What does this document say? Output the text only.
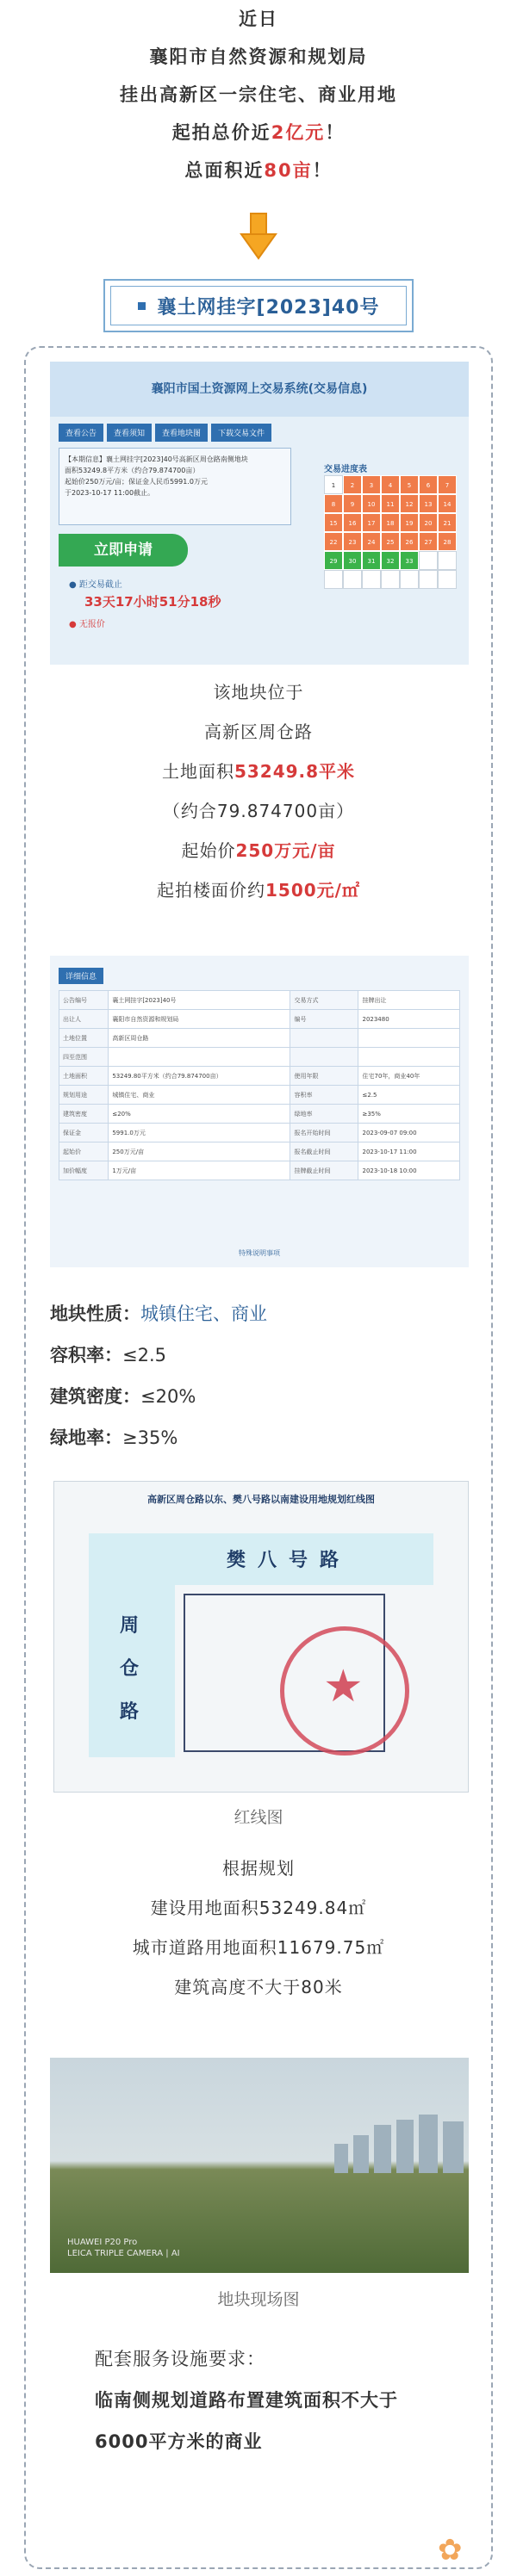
近日
襄阳市自然资源和规划局
挂出高新区一宗住宅、商业用地
起拍总价近2亿元！
总面积近80亩！
襄土网挂字[2023]40号
襄阳市国土资源网上交易系统(交易信息)
查看公告	查看须知	查看地块图	下载交易文件
【本期信息】襄土网挂字[2023]40号高新区周仓路南侧地块
面积53249.8平方米（约合79.874700亩）
起始价250万元/亩；保证金人民币5991.0万元
于2023-10-17 11:00截止。
立即申请
● 距交易截止
33天17小时51分18秒
● 无报价
交易进度表
1	2	3	4	5	6	7
8	9	10	11	12	13	14
15	16	17	18	19	20	21
22	23	24	25	26	27	28
29	30	31	32	33
该地块位于
高新区周仓路
土地面积53249.8平米
（约合79.874700亩）
起始价250万元/亩
起拍楼面价约1500元/㎡
详细信息
公告编号	襄土网挂字[2023]40号	交易方式	挂牌出让
出让人	襄阳市自然资源和规划局	编号	2023480
土地位置	高新区周仓路		
四至范围			
土地面积	53249.80平方米（约合79.874700亩）	使用年限	住宅70年，商业40年
规划用途	城镇住宅、商业	容积率	≤2.5
建筑密度	≤20%	绿地率	≥35%
保证金	5991.0万元	报名开始时间	2023-09-07 09:00
起始价	250万元/亩	报名截止时间	2023-10-17 11:00
加价幅度	1万元/亩	挂牌截止时间	2023-10-18 10:00
特殊说明事项
地块性质：城镇住宅、商业
容积率：≤2.5
建筑密度：≤20%
绿地率：≥35%
高新区周仓路以东、樊八号路以南建设用地规划红线图
樊八号路
周
仓
路	★
红线图
根据规划
建设用地面积53249.84㎡
城市道路用地面积11679.75㎡
建筑高度不大于80米
HUAWEI P20 Pro
LEICA TRIPLE CAMERA | AI
地块现场图
配套服务设施要求：
临南侧规划道路布置建筑面积不大于
6000平方米的商业
✿
